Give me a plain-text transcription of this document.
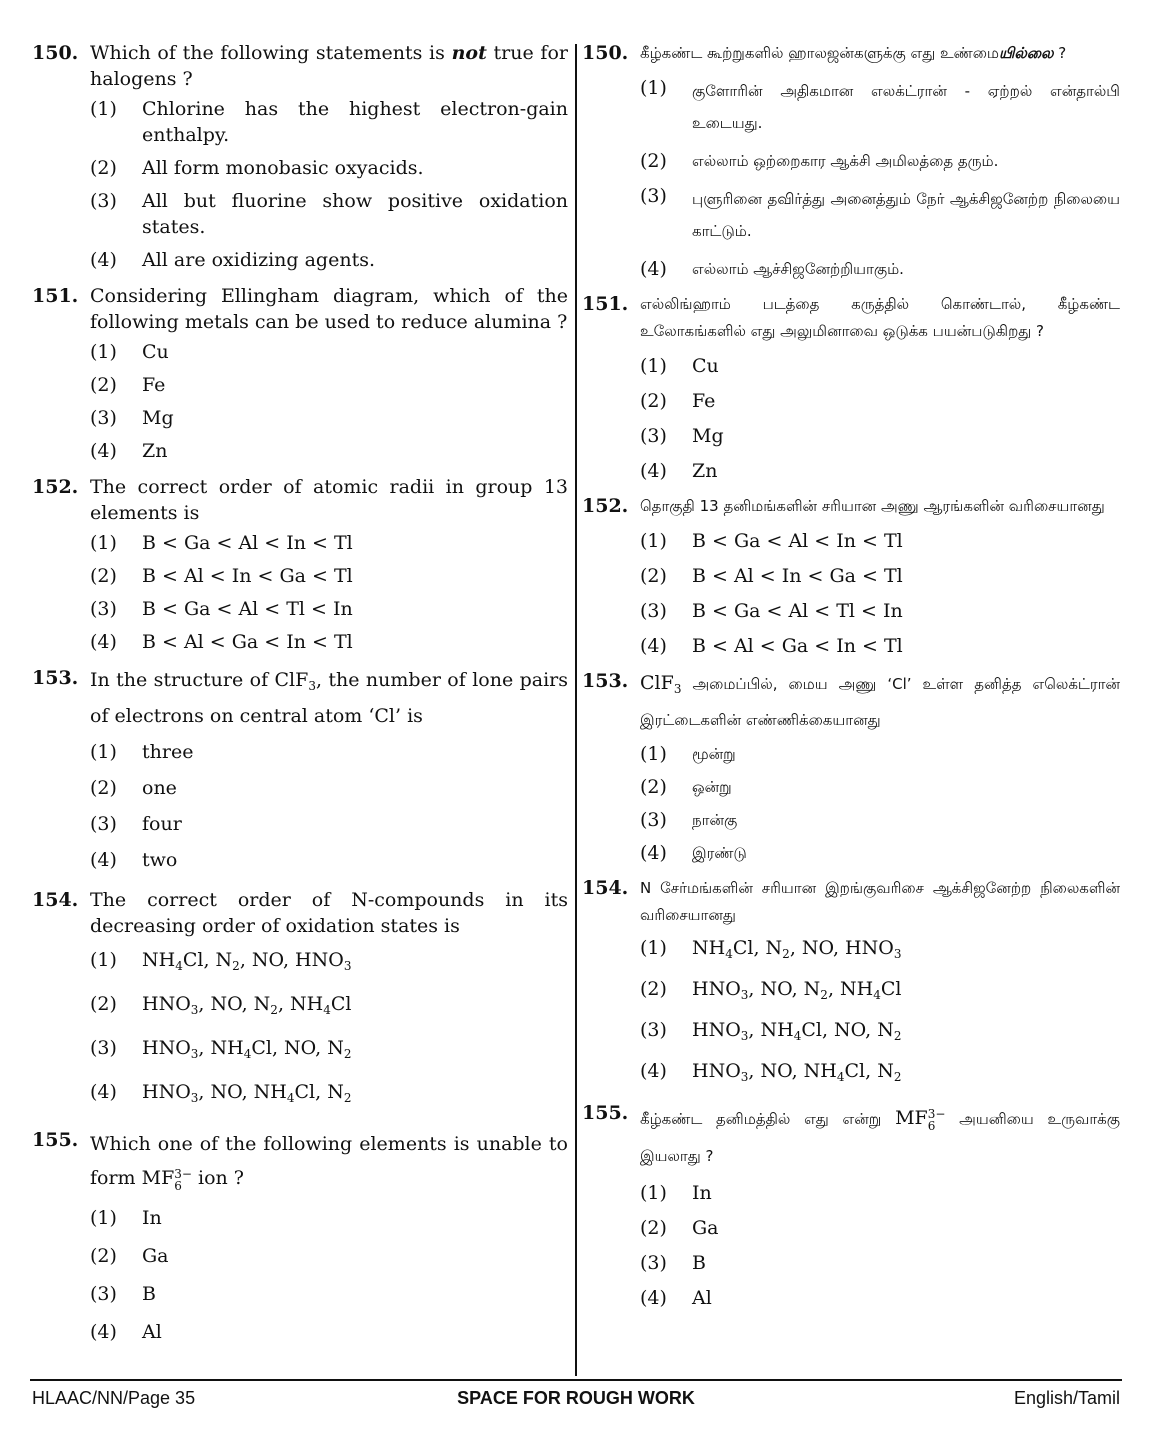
150. Which of the following statements is not true for halogens ?
(1) Chlorine has the highest electron-gain enthalpy.
(2) All form monobasic oxyacids.
(3) All but fluorine show positive oxidation states.
(4) All are oxidizing agents.
151. Considering Ellingham diagram, which of the following metals can be used to reduce alumina ?
(1) Cu
(2) Fe
(3) Mg
(4) Zn
152. The correct order of atomic radii in group 13 elements is
(1) B < Ga < Al < In < Tl
(2) B < Al < In < Ga < Tl
(3) B < Ga < Al < Tl < In
(4) B < Al < Ga < In < Tl
153. In the structure of ClF$_3$, the number of lone pairs of electrons on central atom ‘Cl’ is
(1) three
(2) one
(3) four
(4) two
154. The correct order of N-compounds in its decreasing order of oxidation states is
(1) $NH_4Cl$, $N_2$, NO, $HNO_3$
(2) $HNO_3$, NO, $N_2$, $NH_4Cl$
(3) $HNO_3$, $NH_4Cl$, NO, $N_2$
(4) $HNO_3$, NO, $NH_4Cl$, $N_2$
155. Which one of the following elements is unable to form MF 3−
6 ion ?
(1) In
(2) Ga
(3) B
(4) Al
150. கீழ்கண்ட கூற்றுகளில் ஹாலஜன்களுக்கு எது உண்மையில்லை ?
(1) குளோரின் அதிகமான எலக்ட்ரான் - ஏற்றல் என்தால்பி உடையது.
(2) எல்லாம் ஒற்றைகார ஆக்சி அமிலத்தை தரும்.
(3) புளுரினை தவிர்த்து அனைத்தும் நேர் ஆக்சிஜனேற்ற நிலையை காட்டும்.
(4) எல்லாம் ஆச்சிஜனேற்றியாகும்.
151. எல்லிங்ஹாம் படத்தை கருத்தில் கொண்டால், கீழ்கண்ட உலோகங்களில் எது அலுமினாவை ஒடுக்க பயன்படுகிறது ?
(1) Cu
(2) Fe
(3) Mg
(4) Zn
152. தொகுதி 13 தனிமங்களின் சரியான அணு ஆரங்களின் வரிசையானது
(1) B < Ga < Al < In < Tl
(2) B < Al < In < Ga < Tl
(3) B < Ga < Al < Tl < In
(4) B < Al < Ga < In < Tl
153. ClF$_3$ அமைப்பில், மைய அணு ‘Cl’ உள்ள தனித்த எலெக்ட்ரான் இரட்டைகளின் எண்ணிக்கையானது
(1) மூன்று
(2) ஒன்று
(3) நான்கு
(4) இரண்டு
154. N சேர்மங்களின் சரியான இறங்குவரிசை ஆக்சிஜனேற்ற நிலைகளின் வரிசையானது
(1) $NH_4Cl$, $N_2$, NO, $HNO_3$
(2) $HNO_3$, NO, $N_2$, $NH_4Cl$
(3) $HNO_3$, $NH_4Cl$, NO, $N_2$
(4) $HNO_3$, NO, $NH_4Cl$, $N_2$
155. கீழ்கண்ட தனிமத்தில் எது என்று MF 3−
6 அயனியை உருவாக்கு இயலாது ?
(1) In
(2) Ga
(3) B
(4) Al
SPACE FOR ROUGH WORK
HLAAC/NN/Page 35	English/Tamil
